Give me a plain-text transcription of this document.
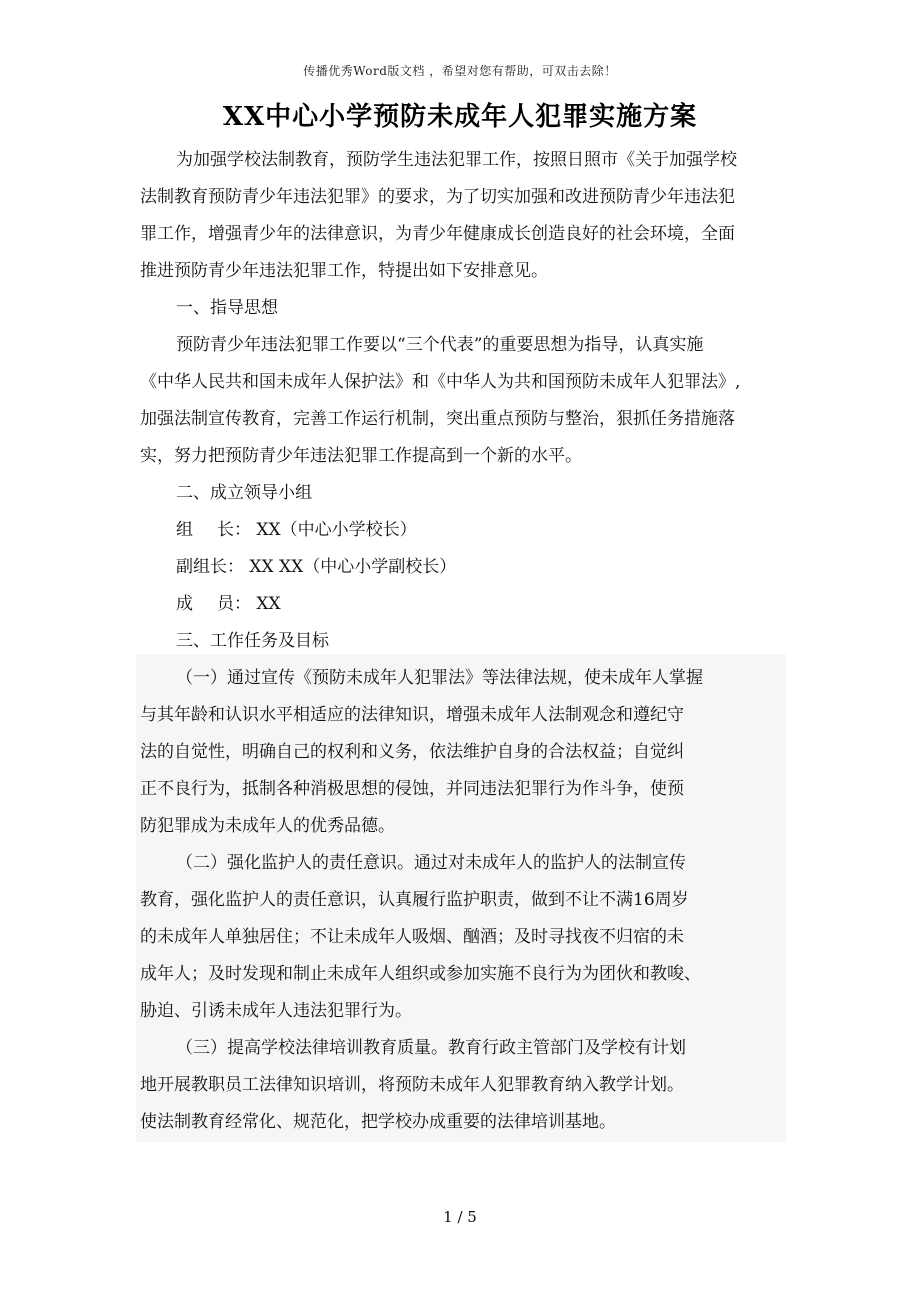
传播优秀Word版文档 ，希望对您有帮助，可双击去除！
XX中心小学预防未成年人犯罪实施方案
为加强学校法制教育，预防学生违法犯罪工作，按照日照市《关于加强学校
法制教育预防青少年违法犯罪》的要求，为了切实加强和改进预防青少年违法犯
罪工作，增强青少年的法律意识，为青少年健康成长创造良好的社会环境，全面
推进预防青少年违法犯罪工作，特提出如下安排意见。
一、指导思想
预防青少年违法犯罪工作要以“三个代表”的重要思想为指导，认真实施
《中华人民共和国未成年人保护法》和《中华人为共和国预防未成年人犯罪法》,
加强法制宣传教育，完善工作运行机制，突出重点预防与整治，狠抓任务措施落
实，努力把预防青少年违法犯罪工作提高到一个新的水平。
二、成立领导小组
组 长： XX（中心小学校长）
副组长： XX XX（中心小学副校长）
成 员： XX
三、工作任务及目标
（一）通过宣传《预防未成年人犯罪法》等法律法规，使未成年人掌握
与其年龄和认识水平相适应的法律知识，增强未成年人法制观念和遵纪守
法的自觉性，明确自己的权利和义务，依法维护自身的合法权益；自觉纠
正不良行为，抵制各种消极思想的侵蚀，并同违法犯罪行为作斗争，使预
防犯罪成为未成年人的优秀品德。
（二）强化监护人的责任意识。通过对未成年人的监护人的法制宣传
教育，强化监护人的责任意识，认真履行监护职责，做到不让不满16周岁
的未成年人单独居住；不让未成年人吸烟、酗酒；及时寻找夜不归宿的未
成年人；及时发现和制止未成年人组织或参加实施不良行为为团伙和教唆、
胁迫、引诱未成年人违法犯罪行为。
（三）提高学校法律培训教育质量。教育行政主管部门及学校有计划
地开展教职员工法律知识培训，将预防未成年人犯罪教育纳入教学计划。
使法制教育经常化、规范化，把学校办成重要的法律培训基地。
1 / 5
